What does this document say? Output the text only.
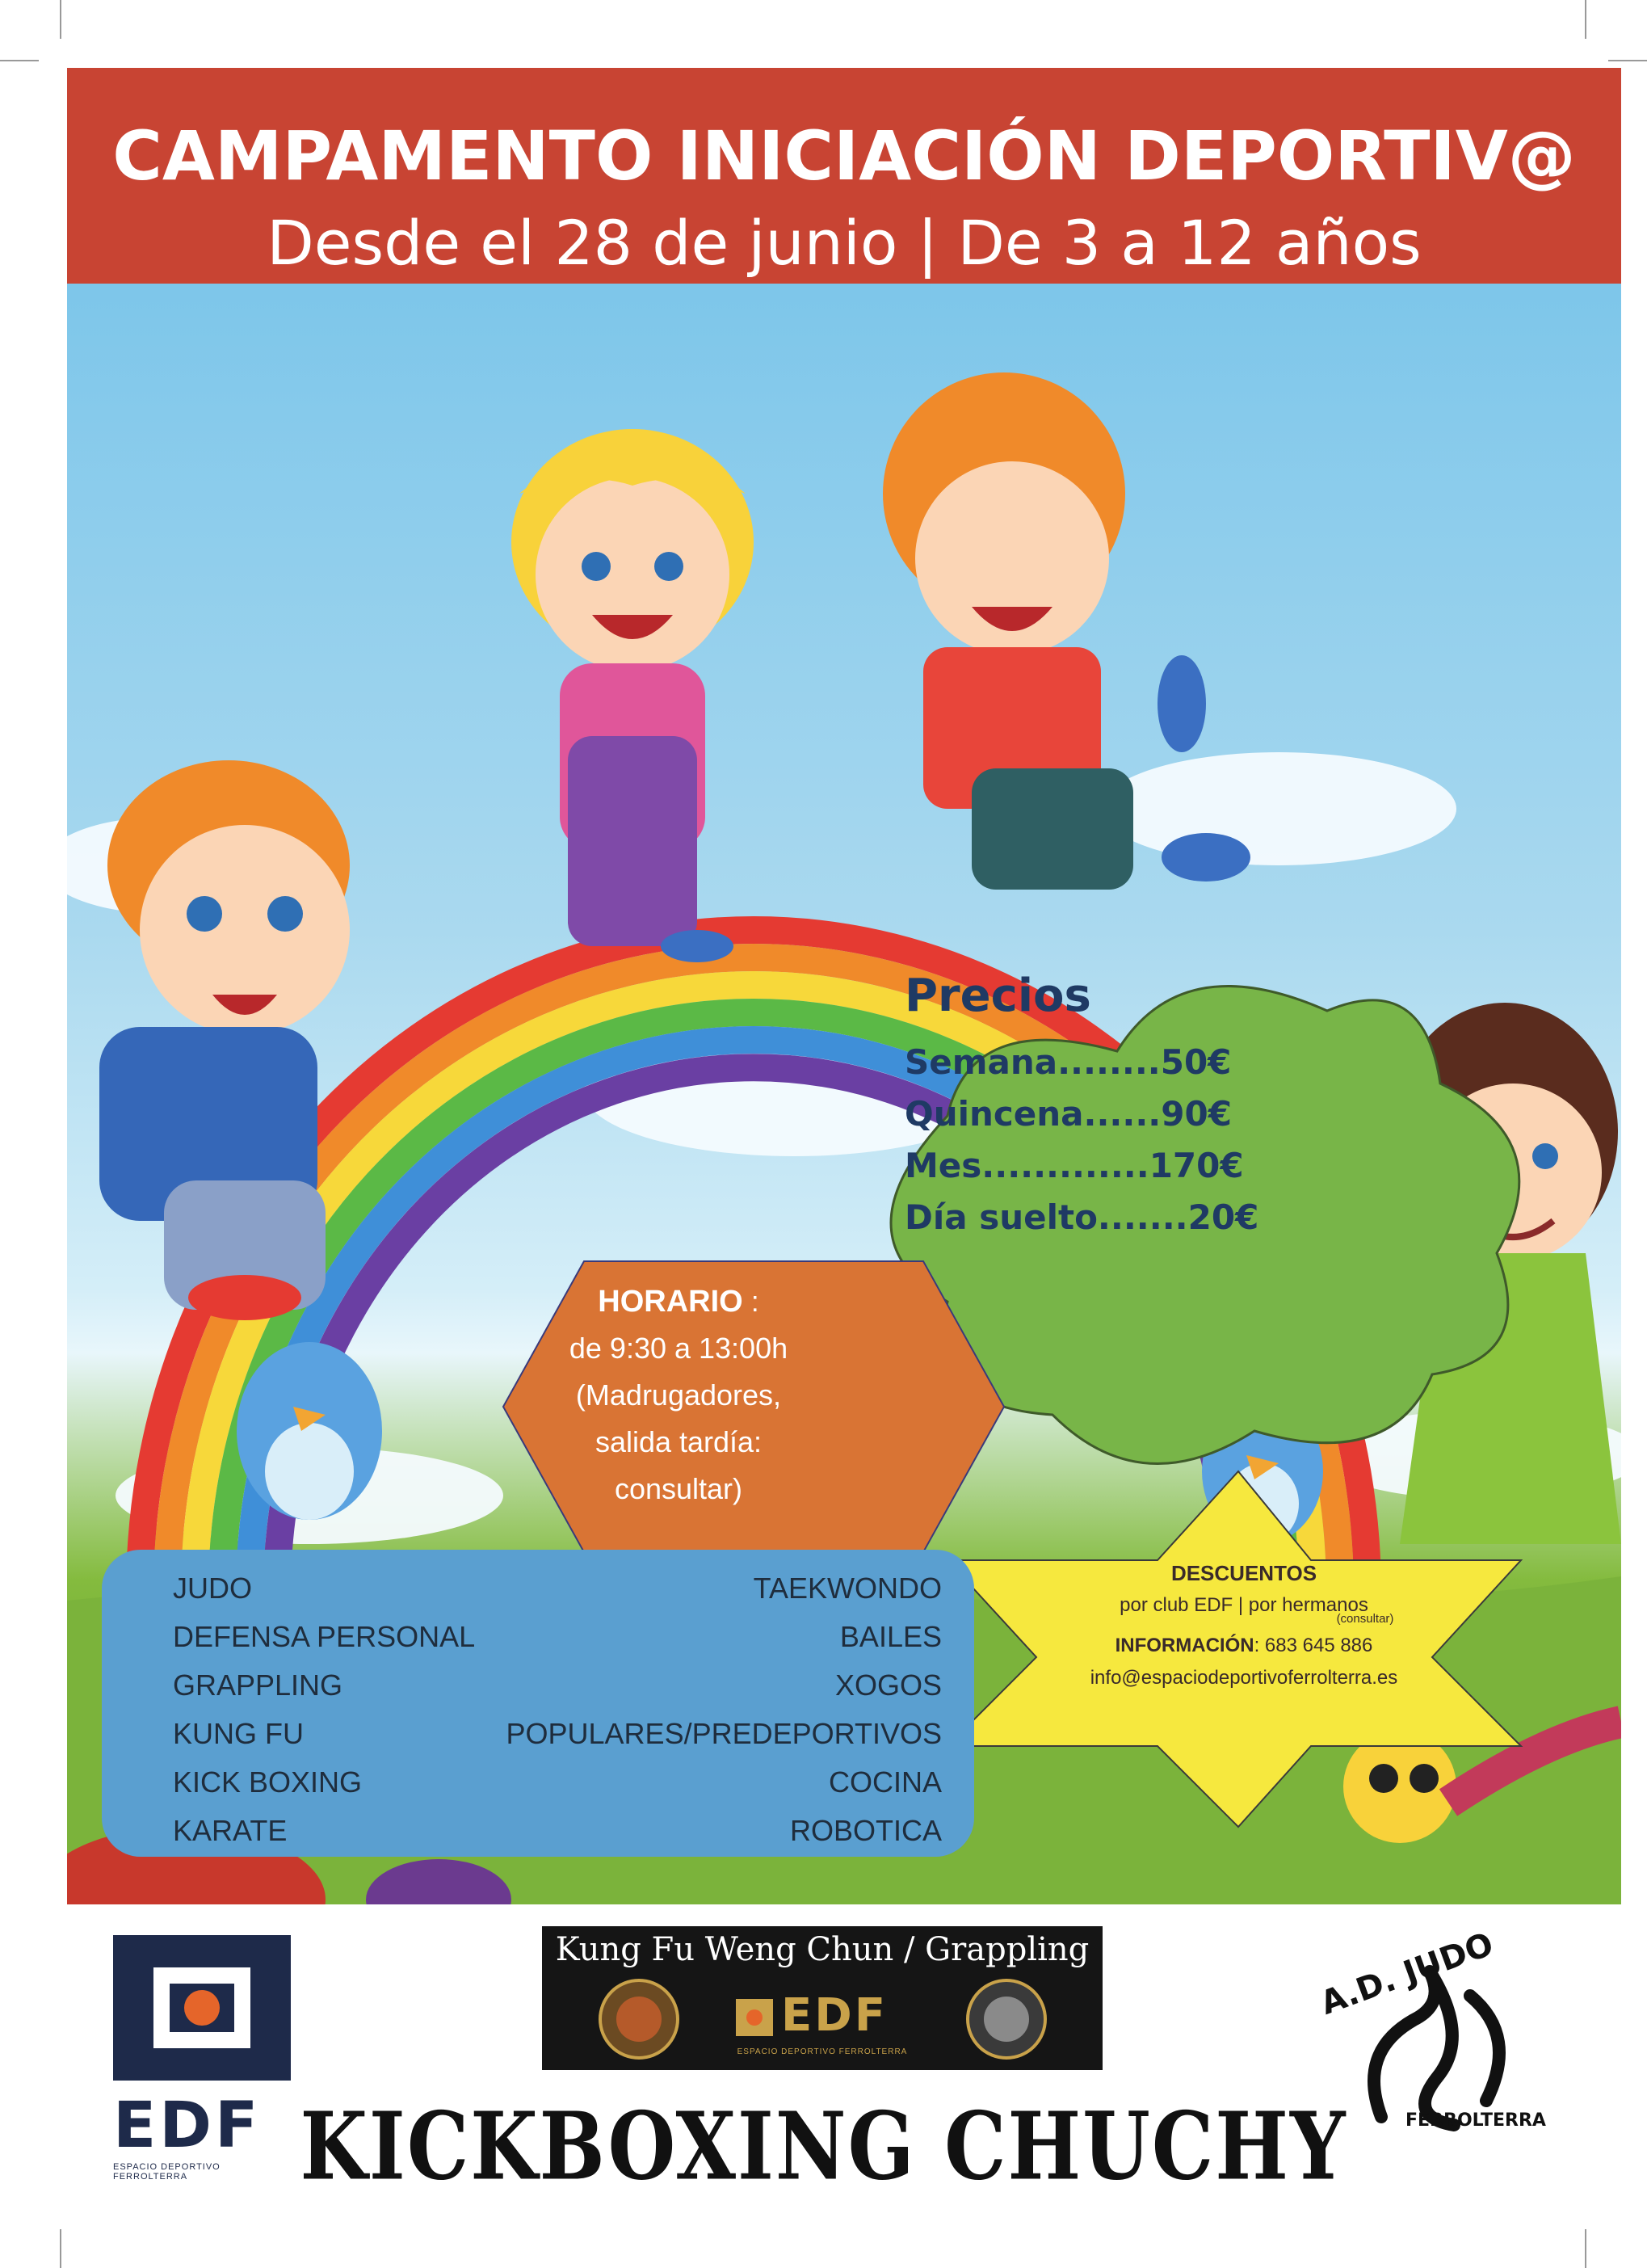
CAMPAMENTO INICIACIÓN DEPORTIV@
Desde el 28 de junio | De 3 a 12 años
Precios
Semana........50€
Quincena......90€
Mes.............170€
Día suelto.......20€
HORARIO :
de 9:30 a 13:00h
(Madrugadores,
salida tardía:
consultar)
JUDO
DEFENSA PERSONAL
GRAPPLING
KUNG FU
KICK BOXING
KARATE
TAEKWONDO
BAILES
XOGOS
POPULARES/PREDEPORTIVOS
COCINA
ROBOTICA
DESCUENTOS
por club EDF | por hermanos
(consultar)
INFORMACIÓN: 683 645 886
info@espaciodeportivoferrolterra.es
EDF
ESPACIO DEPORTIVO FERROLTERRA
Kung Fu Weng Chun / Grappling
EDF
ESPACIO DEPORTIVO FERROLTERRA
KICKBOXING CHUCHY
A.D. JUDO
FERROLTERRA
